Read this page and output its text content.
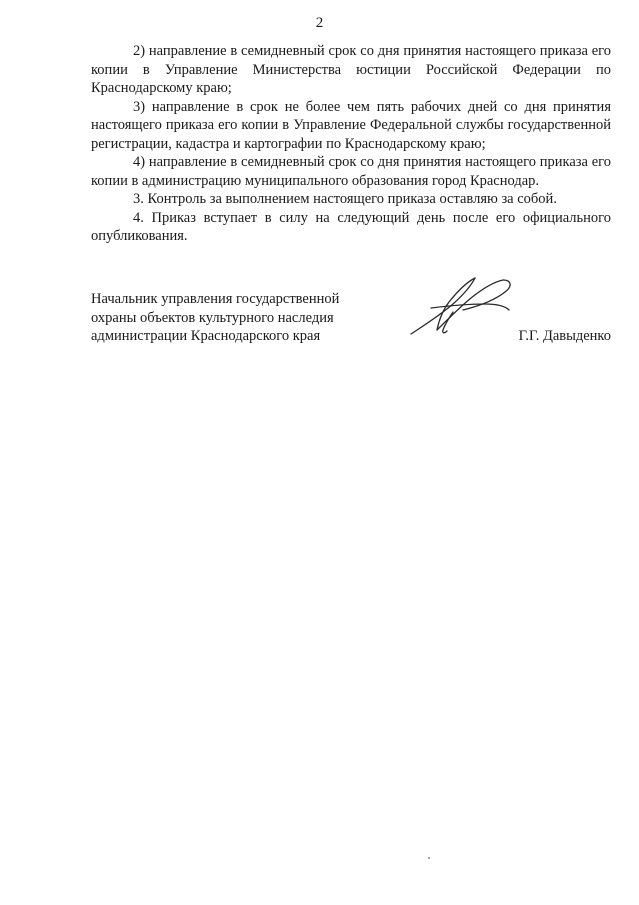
2

2) направление в семидневный срок со дня принятия настоящего приказа его копии в Управление Министерства юстиции Российской Федерации по Краснодарскому краю;

3) направление в срок не более чем пять рабочих дней со дня принятия настоящего приказа его копии в Управление Федеральной службы государственной регистрации, кадастра и картографии по Краснодарскому краю;

4) направление в семидневный срок со дня принятия настоящего приказа его копии в администрацию муниципального образования город Краснодар.

3. Контроль за выполнением настоящего приказа оставляю за собой.

4. Приказ вступает в силу на следующий день после его официального опубликования.

Начальник управления государственной
охраны объектов культурного наследия
администрации Краснодарского края	Г.Г. Давыденко
